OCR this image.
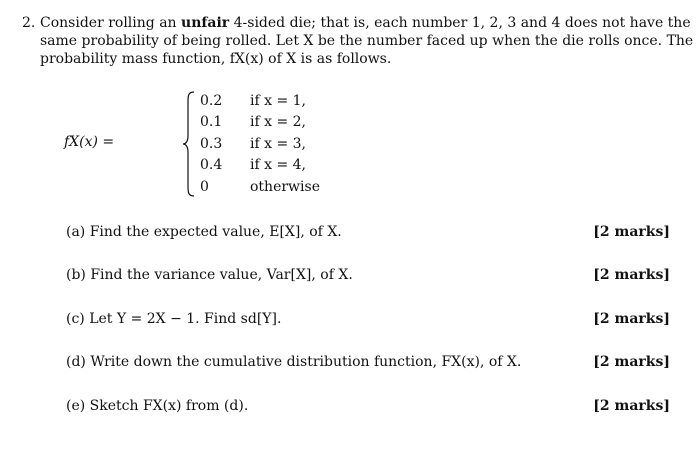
2. Consider rolling an unfair 4-sided die; that is, each number 1, 2, 3 and 4 does not have the
same probability of being rolled. Let X be the number faced up when the die rolls once. The
probability mass function, fX(x) of X is as follows.
fX(x) =
0.2 if x = 1,
0.1 if x = 2,
0.3 if x = 3,
0.4 if x = 4,
0	otherwise
(a) Find the expected value, E[X], of X.	[2 marks]
(b) Find the variance value, Var[X], of X.	[2 marks]
(c) Let Y = 2X − 1. Find sd[Y].	[2 marks]
(d) Write down the cumulative distribution function, FX(x), of X.	[2 marks]
(e) Sketch FX(x) from (d).	[2 marks]
